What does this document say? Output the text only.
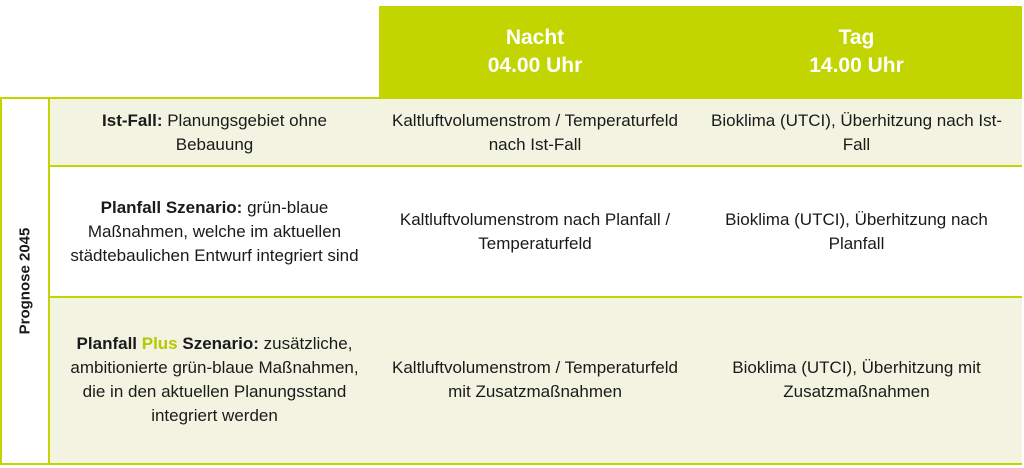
Nacht
04.00 Uhr
Tag
14.00 Uhr
Ist-Fall: Planungsgebiet ohne Bebauung
Kaltluftvolumenstrom / Temperaturfeld nach Ist-Fall
Bioklima (UTCI), Überhitzung nach Ist-Fall
Planfall Szenario: grün-blaue Maßnahmen, welche im aktuellen städtebaulichen Entwurf integriert sind
Kaltluftvolumenstrom nach Planfall / Temperaturfeld
Bioklima (UTCI), Überhitzung nach Planfall
Planfall Plus Szenario: zusätzliche, ambitionierte grün-blaue Maßnahmen, die in den aktuellen Planungsstand integriert werden
Kaltluftvolumenstrom / Temperaturfeld mit Zusatzmaßnahmen
Bioklima (UTCI), Überhitzung mit Zusatzmaßnahmen
Prognose 2045
